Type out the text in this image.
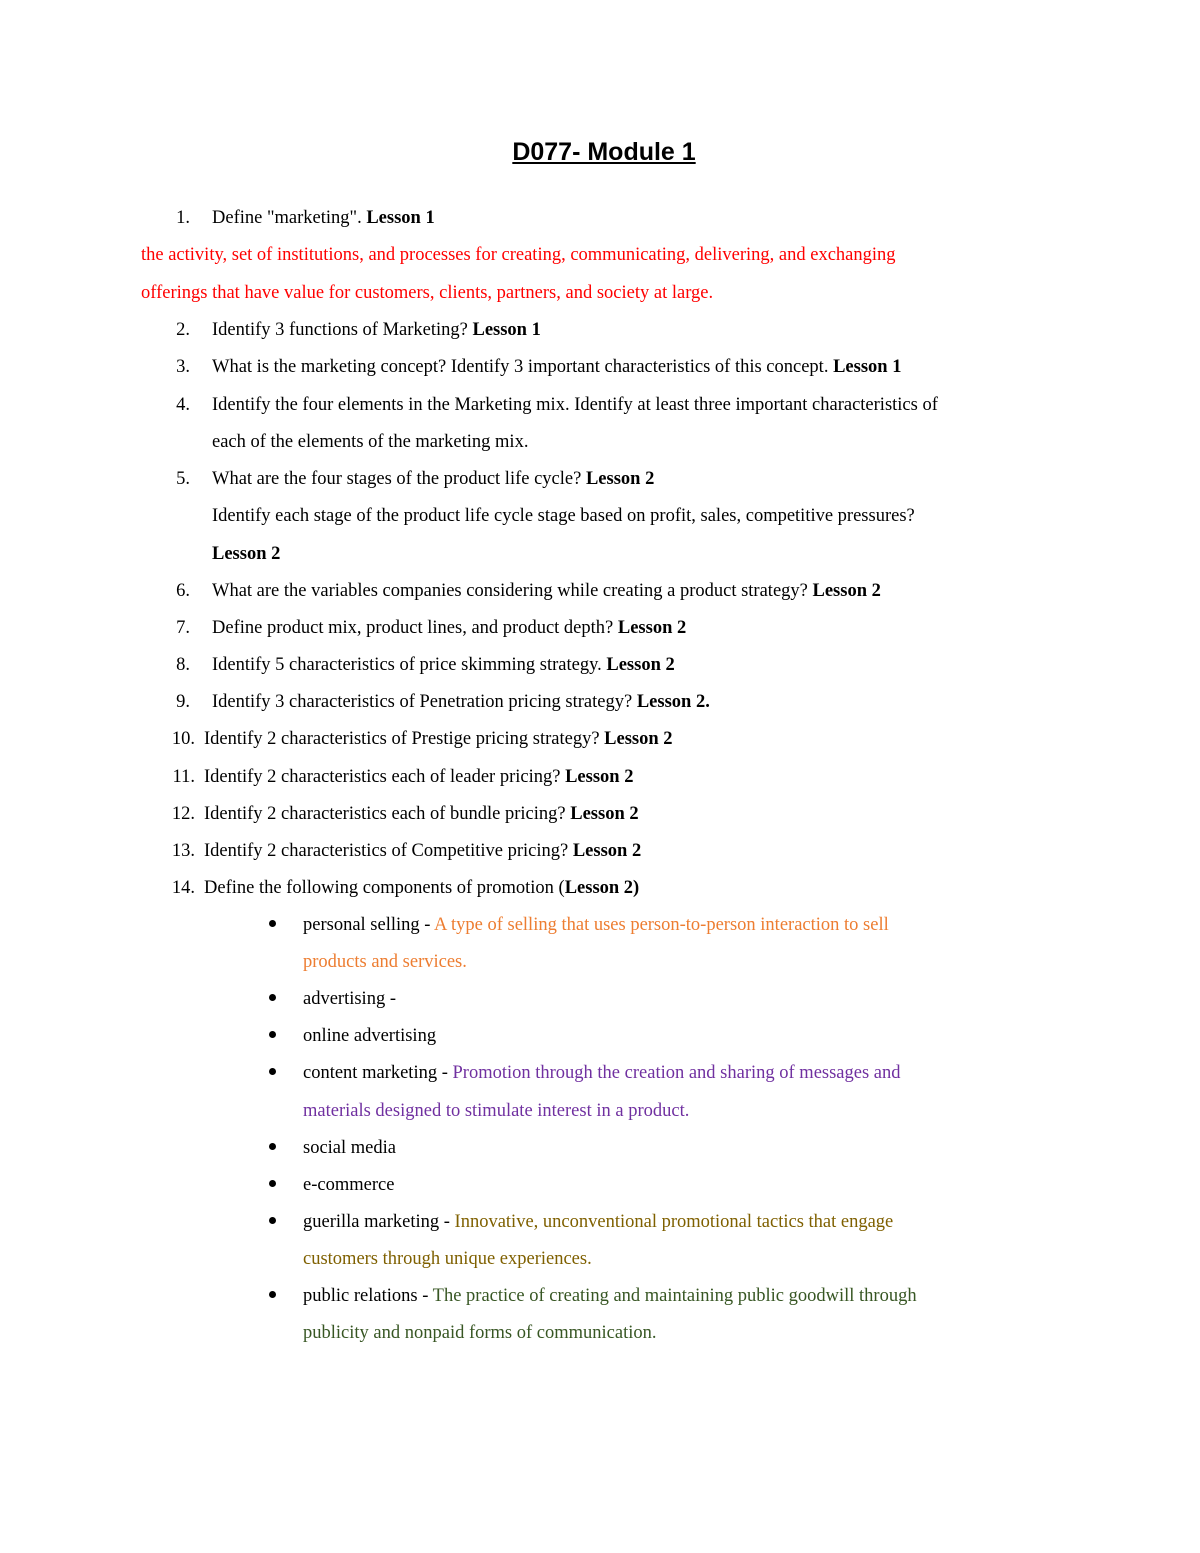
D077- Module 1
1. Define "marketing". Lesson 1
the activity, set of institutions, and processes for creating, communicating, delivering, and exchanging
offerings that have value for customers, clients, partners, and society at large.
2. Identify 3 functions of Marketing? Lesson 1
3. What is the marketing concept? Identify 3 important characteristics of this concept. Lesson 1
4. Identify the four elements in the Marketing mix. Identify at least three important characteristics of
each of the elements of the marketing mix.
5. What are the four stages of the product life cycle? Lesson 2
Identify each stage of the product life cycle stage based on profit, sales, competitive pressures?
Lesson 2
6. What are the variables companies considering while creating a product strategy? Lesson 2
7. Define product mix, product lines, and product depth? Lesson 2
8. Identify 5 characteristics of price skimming strategy. Lesson 2
9. Identify 3 characteristics of Penetration pricing strategy? Lesson 2.
10. Identify 2 characteristics of Prestige pricing strategy? Lesson 2
11. Identify 2 characteristics each of leader pricing? Lesson 2
12. Identify 2 characteristics each of bundle pricing? Lesson 2
13. Identify 2 characteristics of Competitive pricing? Lesson 2
14. Define the following components of promotion (Lesson 2)
personal selling - A type of selling that uses person-to-person interaction to sell
products and services.
advertising -
online advertising
content marketing - Promotion through the creation and sharing of messages and
materials designed to stimulate interest in a product.
social media
e-commerce
guerilla marketing - Innovative, unconventional promotional tactics that engage
customers through unique experiences.
public relations - The practice of creating and maintaining public goodwill through
publicity and nonpaid forms of communication.
